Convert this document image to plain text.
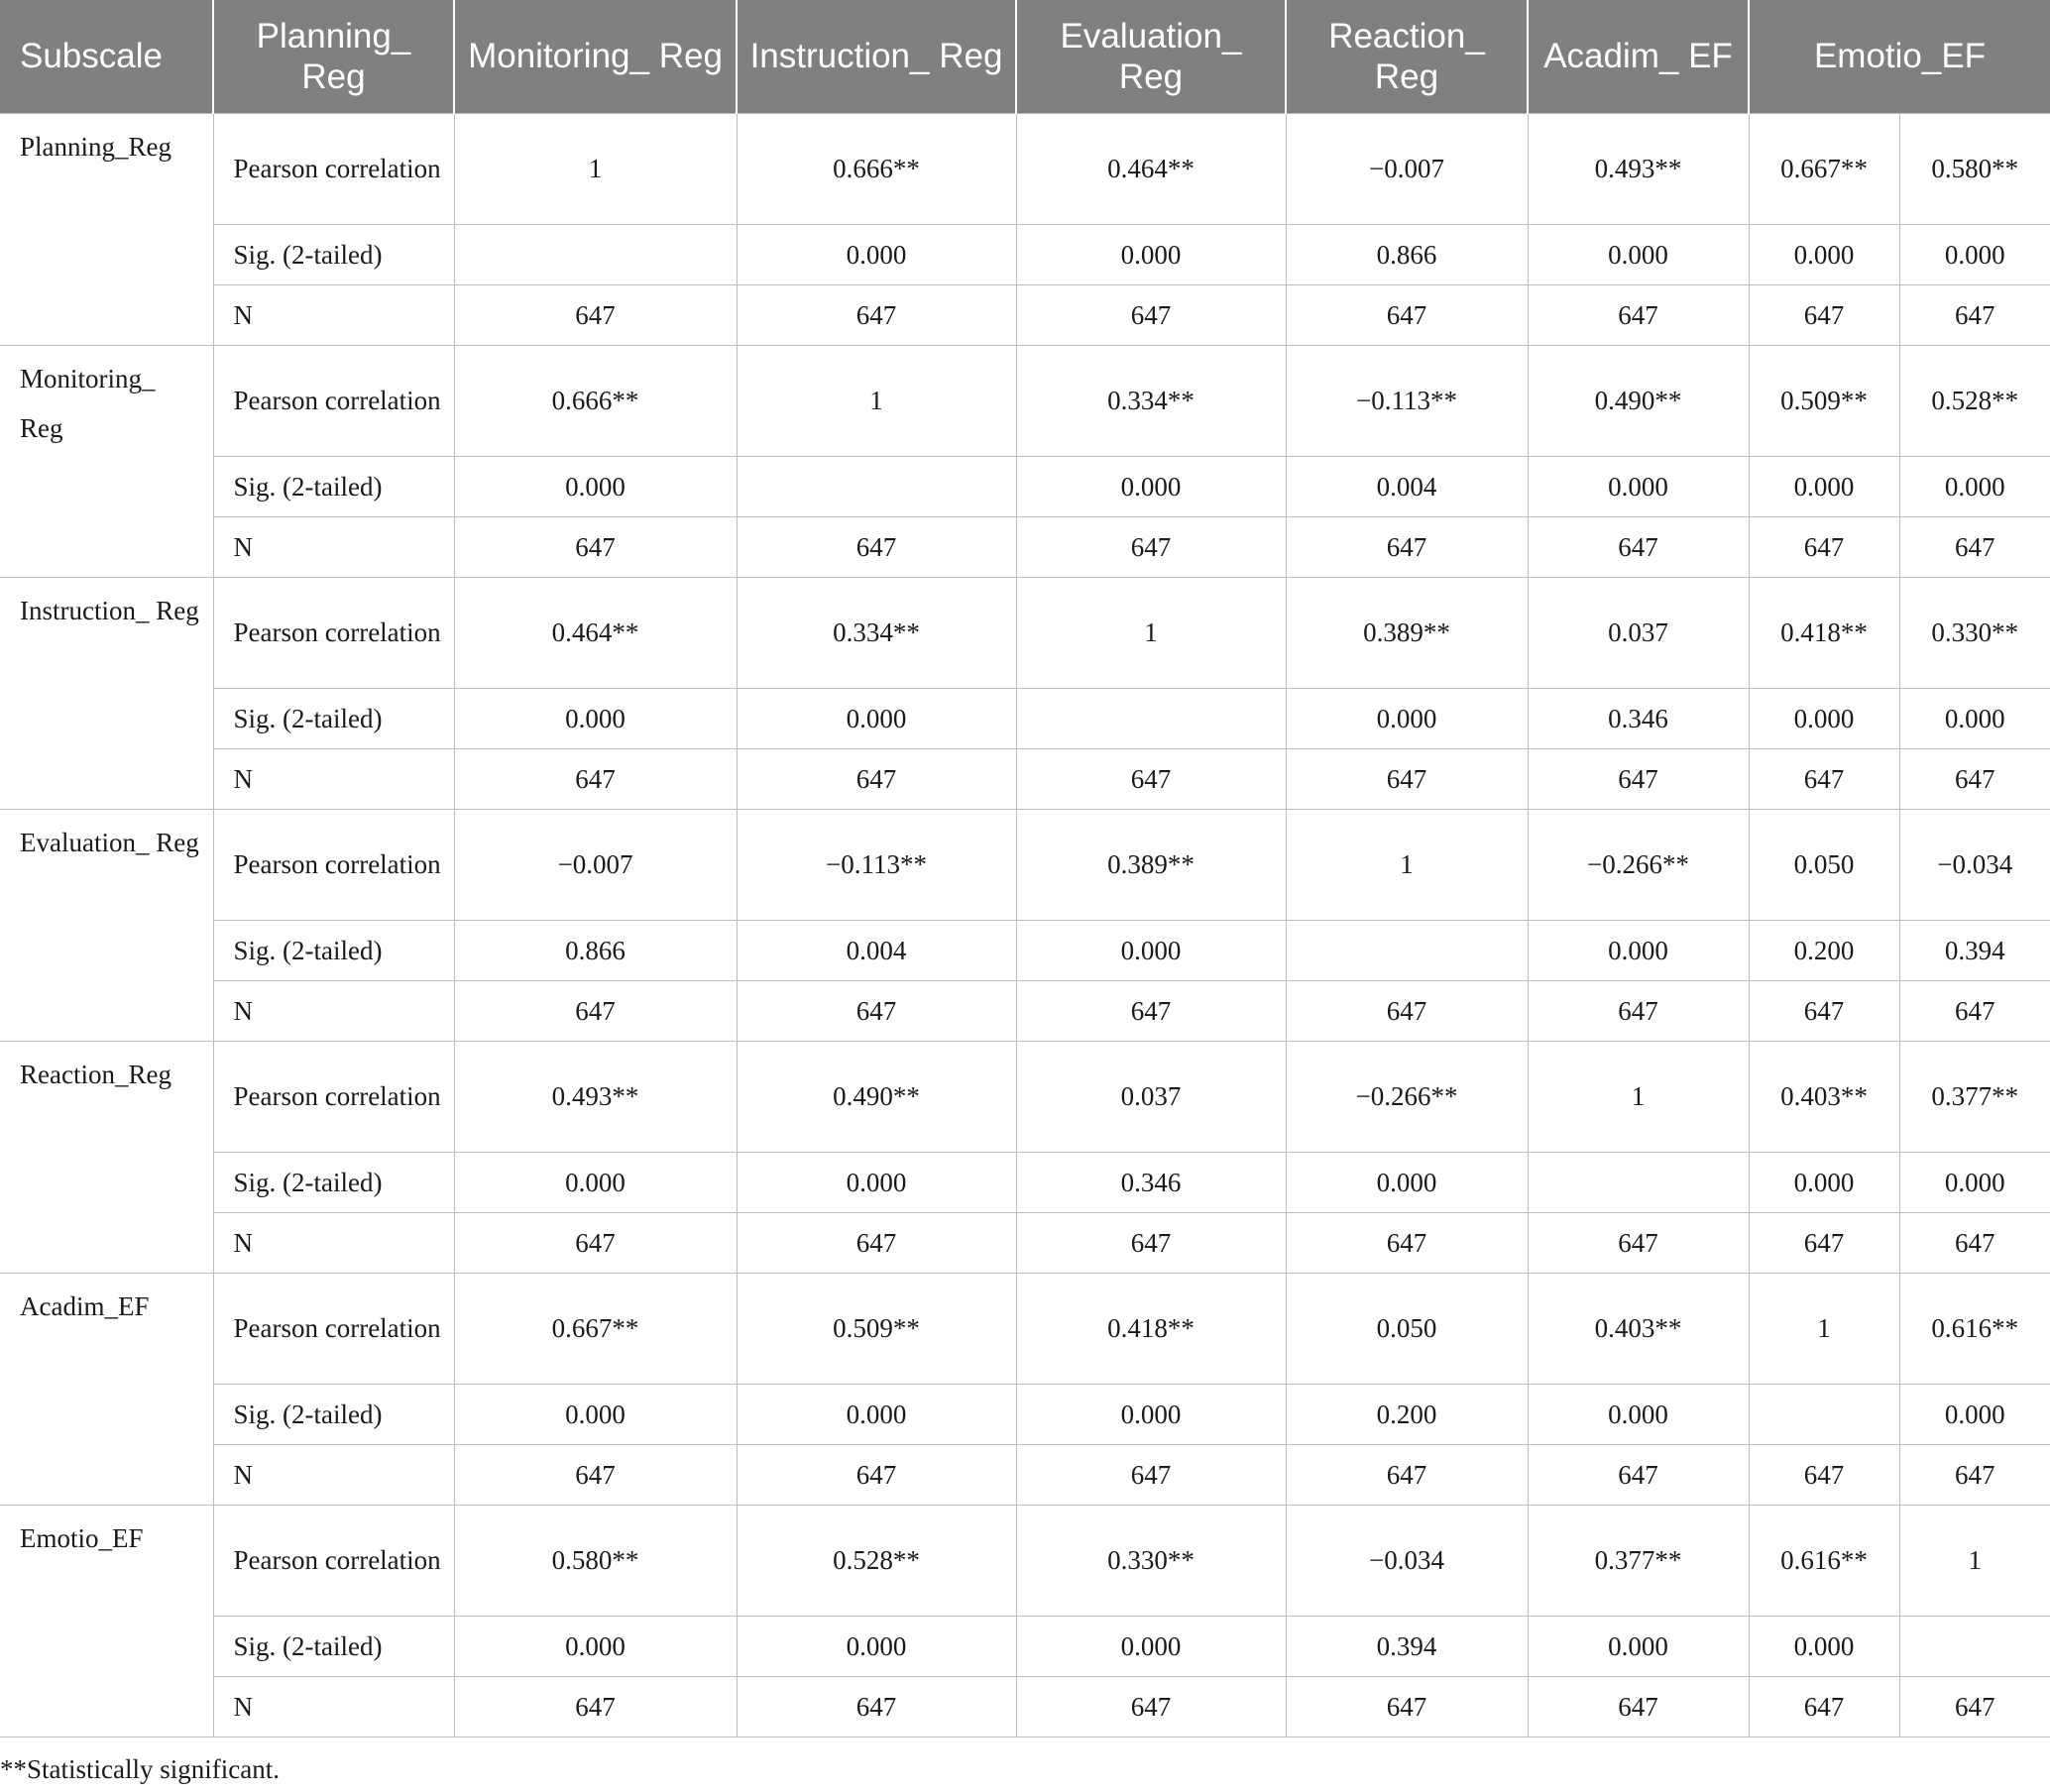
Subscale	Planning_ Reg	Monitoring_ Reg	Instruction_ Reg	Evaluation_ Reg	Reaction_ Reg	Acadim_ EF	Emotio_EF	
Planning_Reg	Pearson correlation	1	0.666**	0.464**	−0.007	0.493**	0.667**	0.580**
	Sig. (2-tailed)		0.000	0.000	0.866	0.000	0.000	0.000
	N	647	647	647	647	647	647	647
Monitoring_ Reg	Pearson correlation	0.666**	1	0.334**	−0.113**	0.490**	0.509**	0.528**
	Sig. (2-tailed)	0.000		0.000	0.004	0.000	0.000	0.000
	N	647	647	647	647	647	647	647
Instruction_ Reg	Pearson correlation	0.464**	0.334**	1	0.389**	0.037	0.418**	0.330**
	Sig. (2-tailed)	0.000	0.000		0.000	0.346	0.000	0.000
	N	647	647	647	647	647	647	647
Evaluation_ Reg	Pearson correlation	−0.007	−0.113**	0.389**	1	−0.266**	0.050	−0.034
	Sig. (2-tailed)	0.866	0.004	0.000		0.000	0.200	0.394
	N	647	647	647	647	647	647	647
Reaction_Reg	Pearson correlation	0.493**	0.490**	0.037	−0.266**	1	0.403**	0.377**
	Sig. (2-tailed)	0.000	0.000	0.346	0.000		0.000	0.000
	N	647	647	647	647	647	647	647
Acadim_EF	Pearson correlation	0.667**	0.509**	0.418**	0.050	0.403**	1	0.616**
	Sig. (2-tailed)	0.000	0.000	0.000	0.200	0.000		0.000
	N	647	647	647	647	647	647	647
Emotio_EF	Pearson correlation	0.580**	0.528**	0.330**	−0.034	0.377**	0.616**	1
	Sig. (2-tailed)	0.000	0.000	0.000	0.394	0.000	0.000	
	N	647	647	647	647	647	647	647
**Statistically significant.
